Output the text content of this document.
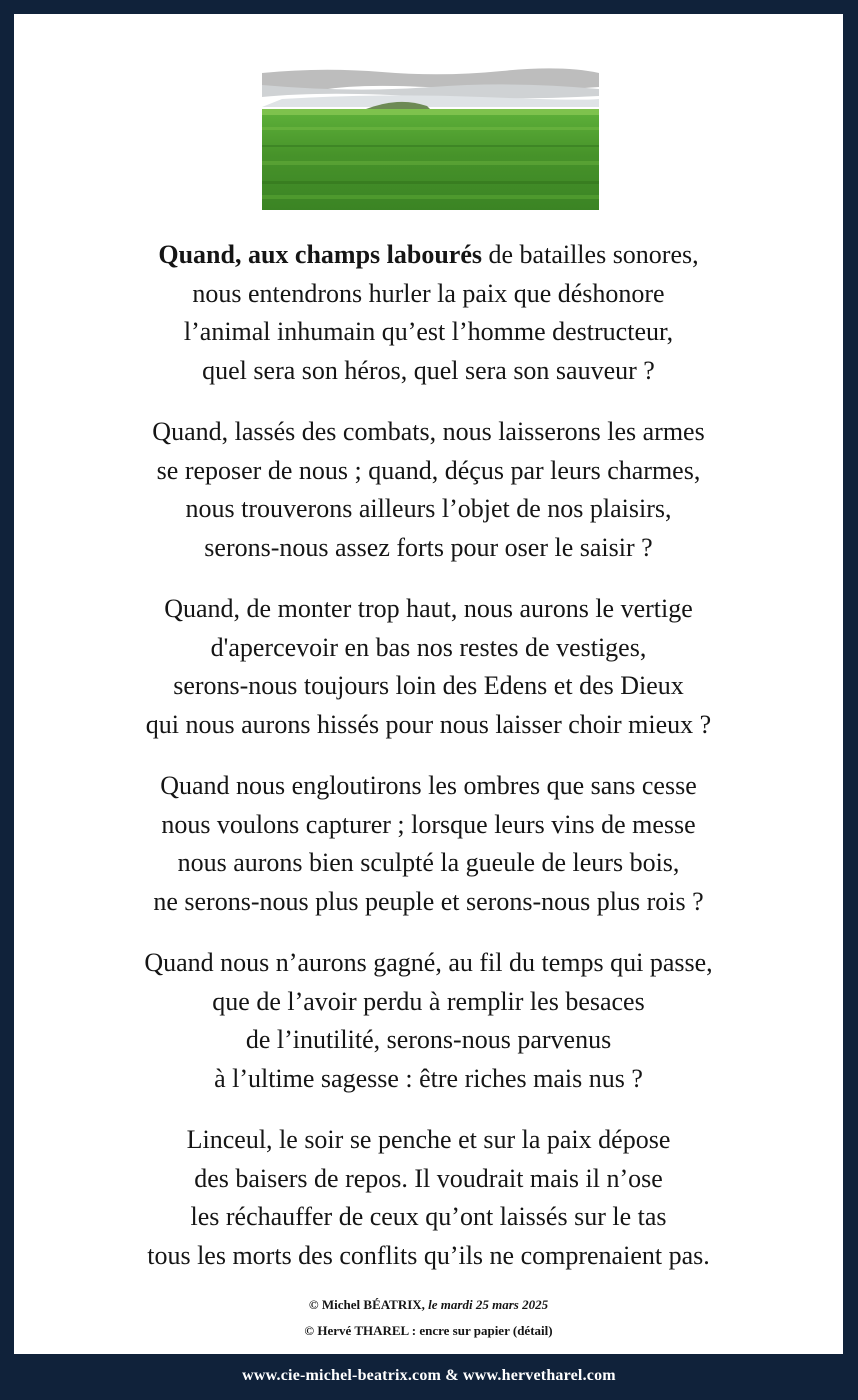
Quand, aux champs labourés de batailles sonores,
nous entendrons hurler la paix que déshonore
l’animal inhumain qu’est l’homme destructeur,
quel sera son héros, quel sera son sauveur ?
Quand, lassés des combats, nous laisserons les armes
se reposer de nous ; quand, déçus par leurs charmes,
nous trouverons ailleurs l’objet de nos plaisirs,
serons-nous assez forts pour oser le saisir ?
Quand, de monter trop haut, nous aurons le vertige
d'apercevoir en bas nos restes de vestiges,
serons-nous toujours loin des Edens et des Dieux
qui nous aurons hissés pour nous laisser choir mieux ?
Quand nous engloutirons les ombres que sans cesse
nous voulons capturer ; lorsque leurs vins de messe
nous aurons bien sculpté la gueule de leurs bois,
ne serons-nous plus peuple et serons-nous plus rois ?
Quand nous n’aurons gagné, au fil du temps qui passe,
que de l’avoir perdu à remplir les besaces
de l’inutilité, serons-nous parvenus
à l’ultime sagesse : être riches mais nus ?
Linceul, le soir se penche et sur la paix dépose
des baisers de repos. Il voudrait mais il n’ose
les réchauffer de ceux qu’ont laissés sur le tas
tous les morts des conflits qu’ils ne comprenaient pas.
© Michel BÉATRIX, le mardi 25 mars 2025
© Hervé THAREL : encre sur papier (détail)
www.cie-michel-beatrix.com & www.hervetharel.com
